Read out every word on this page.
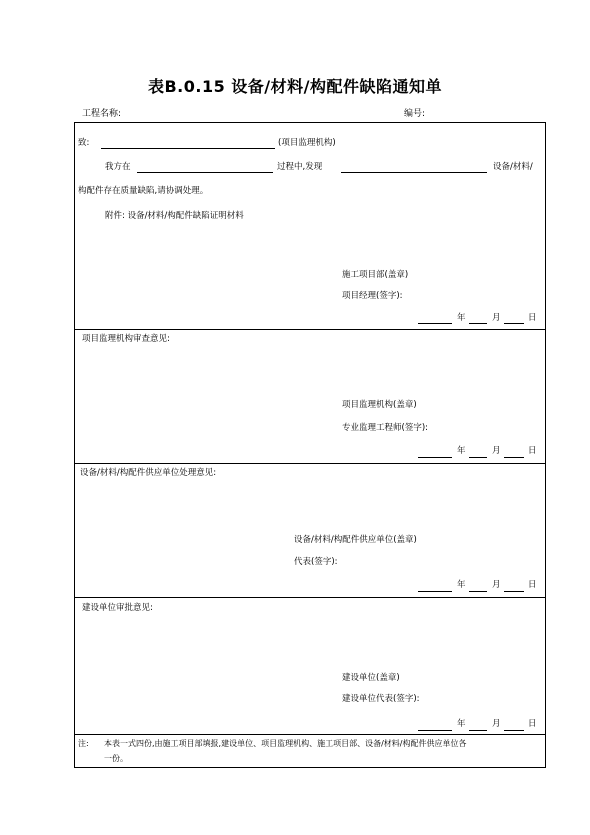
表B.0.15 设备/材料/构配件缺陷通知单
工程名称:	编号:
致:	(项目监理机构)
我方在	过程中,发现	设备/材料/
构配件存在质量缺陷,请协调处理。
附件: 设备/材料/构配件缺陷证明材料
施工项目部(盖章)
项目经理(签字):
年	月	日
项目监理机构审查意见:
项目监理机构(盖章)
专业监理工程师(签字):
年	月	日
设备/材料/构配件供应单位处理意见:
设备/材料/构配件供应单位(盖章)
代表(签字):
年	月	日
建设单位审批意见:
建设单位(盖章)
建设单位代表(签字):
年	月	日
注: 本表一式四份,由施工项目部填报,建设单位、项目监理机构、施工项目部、设备/材料/构配件供应单位各
一份。
